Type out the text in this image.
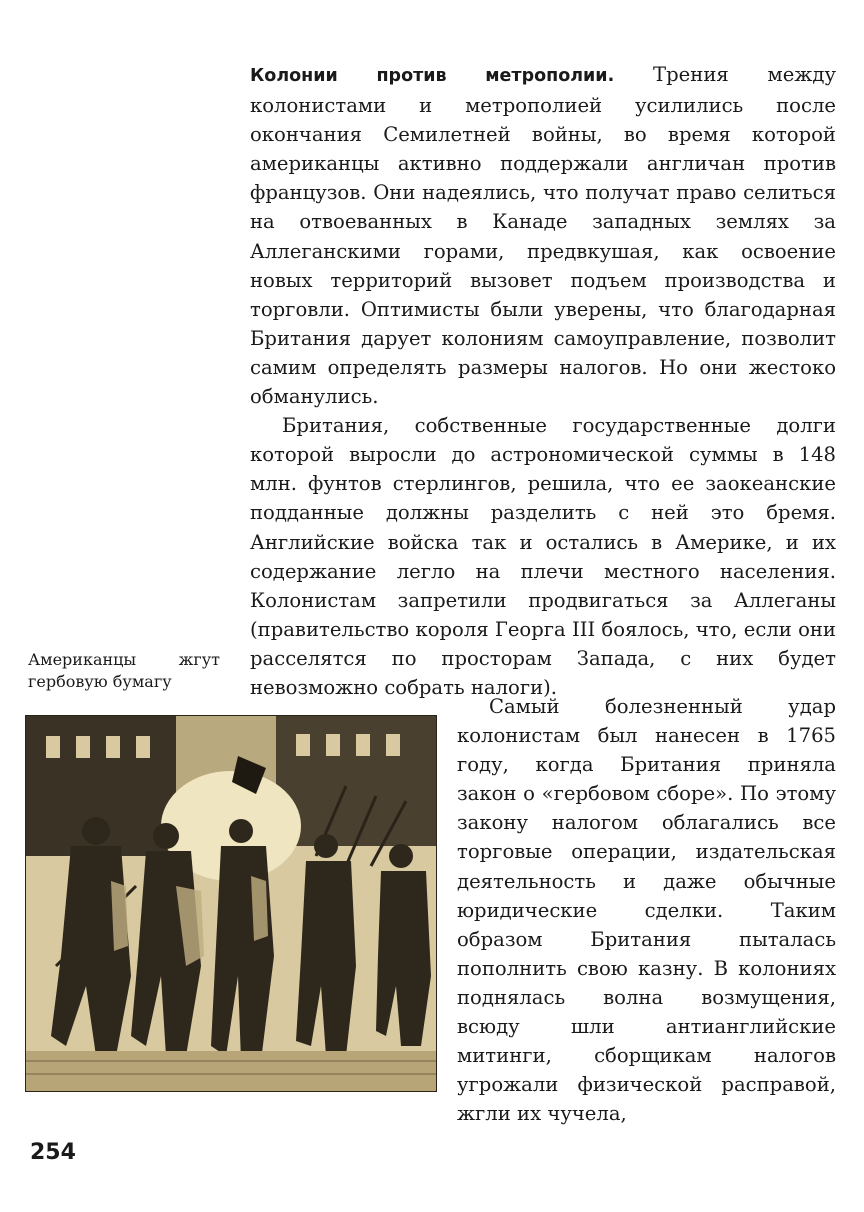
Колонии против метрополии. Трения между колонистами и метрополией усилились после окончания Семилетней войны, во время которой американцы активно поддержали англичан против французов. Они надеялись, что получат право селиться на отвоеванных в Канаде западных землях за Аллеганскими горами, предвкушая, как освоение новых территорий вызовет подъем производства и торговли. Оптимисты были уверены, что благодарная Британия дарует колониям самоуправление, позволит самим определять размеры налогов. Но они жестоко обманулись.

Британия, собственные государственные долги которой выросли до астрономической суммы в 148 млн. фунтов стерлингов, решила, что ее заокеанские подданные должны разделить с ней это бремя. Английские войска так и остались в Америке, и их содержание легло на плечи местного населения. Колонистам запретили продвигаться за Аллеганы (правительство короля Георга III боялось, что, если они расселятся по просторам Запада, с них будет невозможно собрать налоги).

Американцы жгут гербовую бумагу

Самый болезненный удар колонистам был нанесен в 1765 году, когда Британия приняла закон о «гербовом сборе». По этому закону налогом облагались все торговые операции, издательская деятельность и даже обычные юридические сделки. Таким образом Британия пыталась пополнить свою казну. В колониях поднялась волна возмущения, всюду шли антианглийские митинги, сборщикам налогов угрожали физической расправой, жгли их чучела,

254
